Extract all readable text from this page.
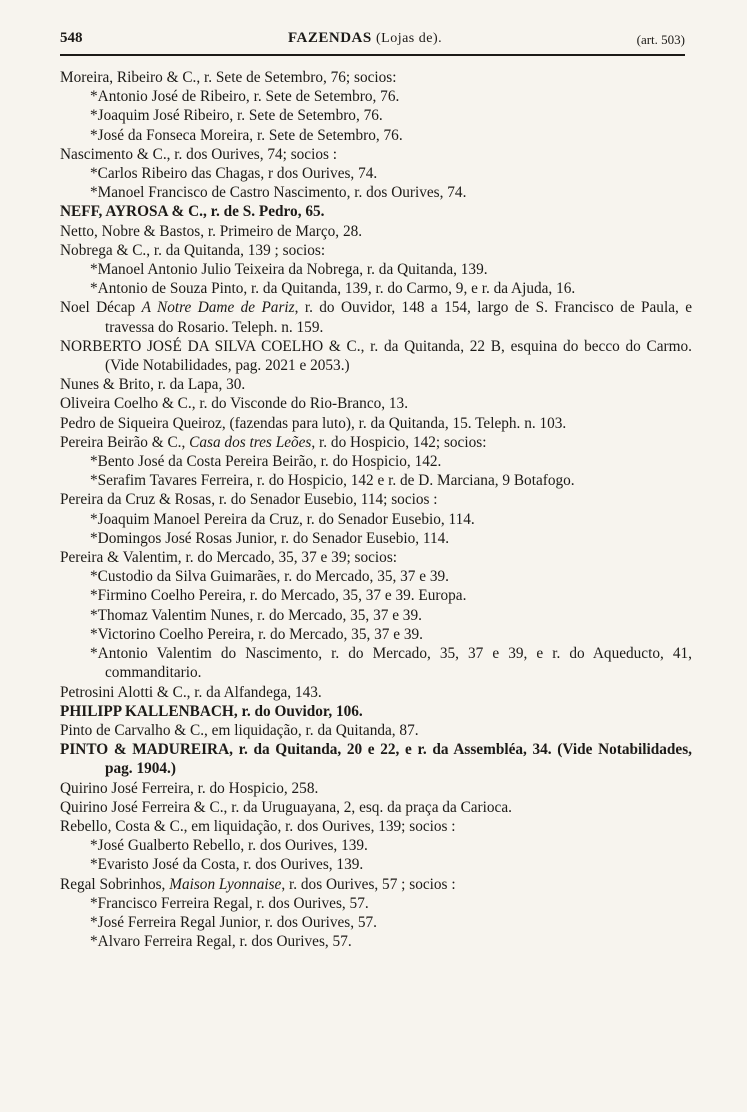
548	FAZENDAS (Lojas de).	(art. 503)
Moreira, Ribeiro & C., r. Sete de Setembro, 76; socios:
*Antonio José de Ribeiro, r. Sete de Setembro, 76.
*Joaquim José Ribeiro, r. Sete de Setembro, 76.
*José da Fonseca Moreira, r. Sete de Setembro, 76.
Nascimento & C., r. dos Ourives, 74; socios :
*Carlos Ribeiro das Chagas, r dos Ourives, 74.
*Manoel Francisco de Castro Nascimento, r. dos Ourives, 74.
NEFF, AYROSA & C., r. de S. Pedro, 65.
Netto, Nobre & Bastos, r. Primeiro de Março, 28.
Nobrega & C., r. da Quitanda, 139 ; socios:
*Manoel Antonio Julio Teixeira da Nobrega, r. da Quitanda, 139.
*Antonio de Souza Pinto, r. da Quitanda, 139, r. do Carmo, 9, e r. da Ajuda, 16.
Noel Décap A Notre Dame de Pariz, r. do Ouvidor, 148 a 154, largo de S. Francisco de Paula, e travessa do Rosario. Teleph. n. 159.
NORBERTO JOSÉ DA SILVA COELHO & C., r. da Quitanda, 22 B, esquina do becco do Carmo. (Vide Notabilidades, pag. 2021 e 2053.)
Nunes & Brito, r. da Lapa, 30.
Oliveira Coelho & C., r. do Visconde do Rio-Branco, 13.
Pedro de Siqueira Queiroz, (fazendas para luto), r. da Quitanda, 15. Teleph. n. 103.
Pereira Beirão & C., Casa dos tres Leões, r. do Hospicio, 142; socios:
*Bento José da Costa Pereira Beirão, r. do Hospicio, 142.
*Serafim Tavares Ferreira, r. do Hospicio, 142 e r. de D. Marciana, 9 Botafogo.
Pereira da Cruz & Rosas, r. do Senador Eusebio, 114; socios :
*Joaquim Manoel Pereira da Cruz, r. do Senador Eusebio, 114.
*Domingos José Rosas Junior, r. do Senador Eusebio, 114.
Pereira & Valentim, r. do Mercado, 35, 37 e 39; socios:
*Custodio da Silva Guimarães, r. do Mercado, 35, 37 e 39.
*Firmino Coelho Pereira, r. do Mercado, 35, 37 e 39. Europa.
*Thomaz Valentim Nunes, r. do Mercado, 35, 37 e 39.
*Victorino Coelho Pereira, r. do Mercado, 35, 37 e 39.
*Antonio Valentim do Nascimento, r. do Mercado, 35, 37 e 39, e r. do Aqueducto, 41, commanditario.
Petrosini Alotti & C., r. da Alfandega, 143.
PHILIPP KALLENBACH, r. do Ouvidor, 106.
Pinto de Carvalho & C., em liquidação, r. da Quitanda, 87.
PINTO & MADUREIRA, r. da Quitanda, 20 e 22, e r. da Assembléa, 34. (Vide Notabilidades, pag. 1904.)
Quirino José Ferreira, r. do Hospicio, 258.
Quirino José Ferreira & C., r. da Uruguayana, 2, esq. da praça da Carioca.
Rebello, Costa & C., em liquidação, r. dos Ourives, 139; socios :
*José Gualberto Rebello, r. dos Ourives, 139.
*Evaristo José da Costa, r. dos Ourives, 139.
Regal Sobrinhos, Maison Lyonnaise, r. dos Ourives, 57 ; socios :
*Francisco Ferreira Regal, r. dos Ourives, 57.
*José Ferreira Regal Junior, r. dos Ourives, 57.
*Alvaro Ferreira Regal, r. dos Ourives, 57.
